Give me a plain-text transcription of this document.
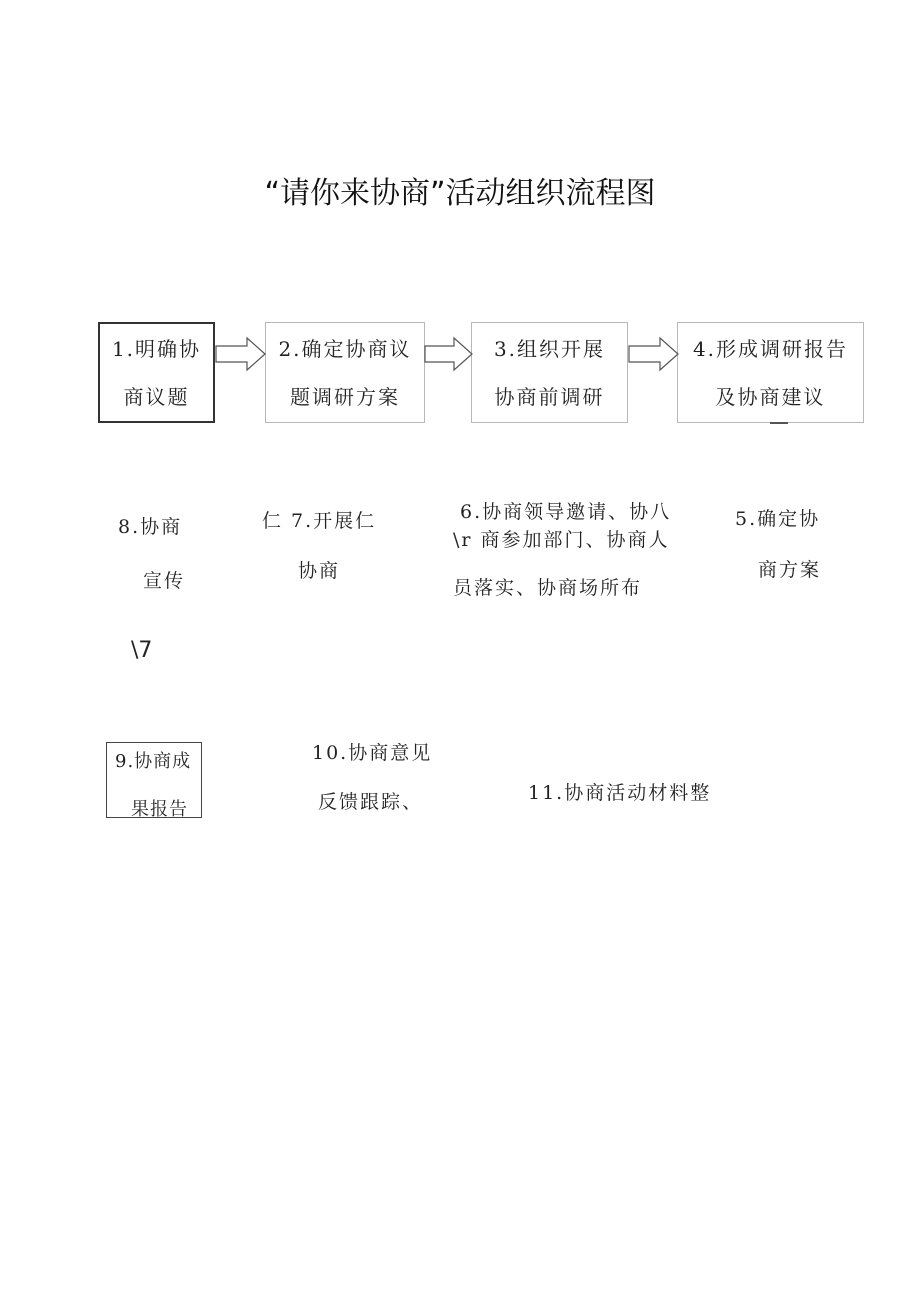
“请你来协商”活动组织流程图
1.明确协
商议题
2.确定协商议
题调研方案
3.组织开展
协商前调研
4.形成调研报告
及协商建议
8.协商
宣传
仁 7.开展仁
协商
6.协商领导邀请、协八
\r 商参加部门、协商人
员落实、协商场所布
5.确定协
商方案
\7
9.协商成
果报告
10.协商意见
反馈跟踪、	11.协商活动材料整
